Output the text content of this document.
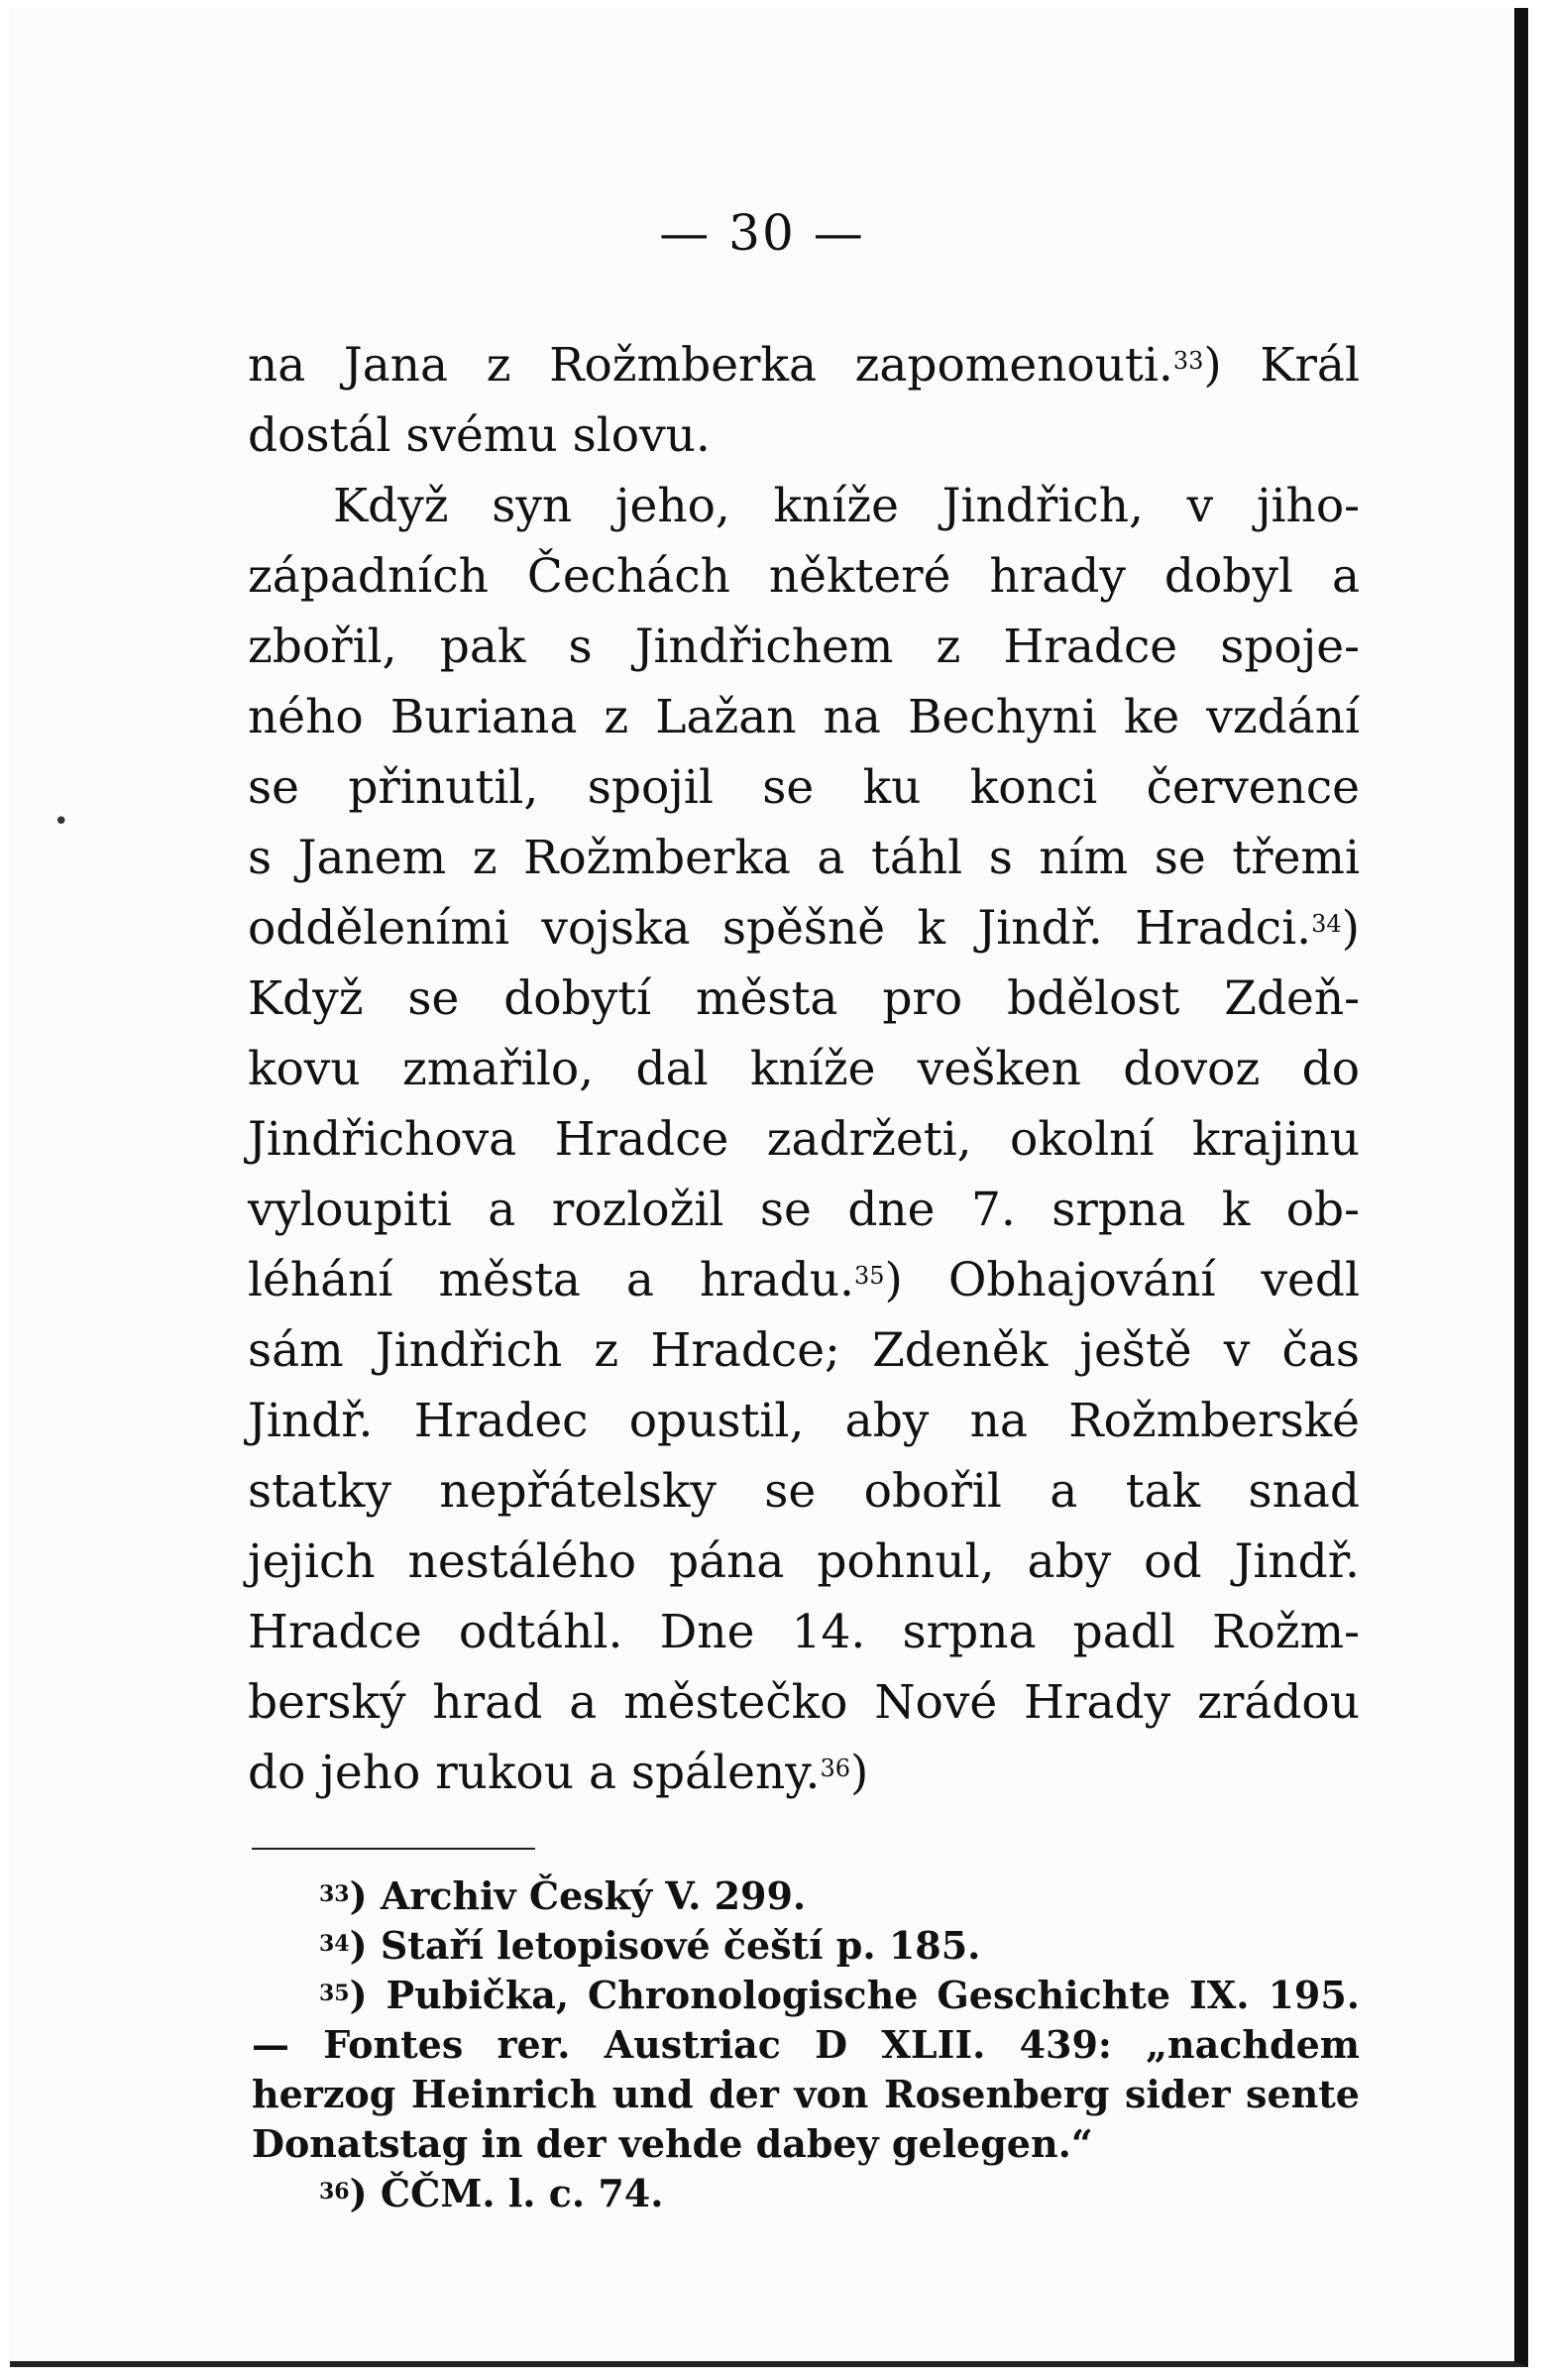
— 30 —
na Jana z Rožmberka zapomenouti.$^{33}$) Král
dostál svému slovu.
Když syn jeho, kníže Jindřich, v jiho-
západních Čechách některé hrady dobyl a
zbořil, pak s Jindřichem z Hradce spoje-
ného Buriana z Lažan na Bechyni ke vzdání
se přinutil, spojil se ku konci července
s Janem z Rožmberka a táhl s ním se třemi
odděleními vojska spěšně k Jindř. Hradci.$^{34}$)
Když se dobytí města pro bdělost Zdeň-
kovu zmařilo, dal kníže vešken dovoz do
Jindřichova Hradce zadržeti, okolní krajinu
vyloupiti a rozložil se dne 7. srpna k ob-
léhání města a hradu.$^{35}$) Obhajování vedl
sám Jindřich z Hradce; Zdeněk ještě v čas
Jindř. Hradec opustil, aby na Rožmberské
statky nepřátelsky se obořil a tak snad
jejich nestálého pána pohnul, aby od Jindř.
Hradce odtáhl. Dne 14. srpna padl Rožm-
berský hrad a městečko Nové Hrady zrádou
do jeho rukou a spáleny.$^{36}$)
$^{33}$) Archiv Český V. 299.
$^{34}$) Staří letopisové čeští p. 185.
$^{35}$) Pubička, Chronologische Geschichte IX. 195.
— Fontes rer. Austriac D XLII. 439: „nachdem
herzog Heinrich und der von Rosenberg sider sente
Donatstag in der vehde dabey gelegen.“
$^{36}$) ČČM. l. c. 74.
•
